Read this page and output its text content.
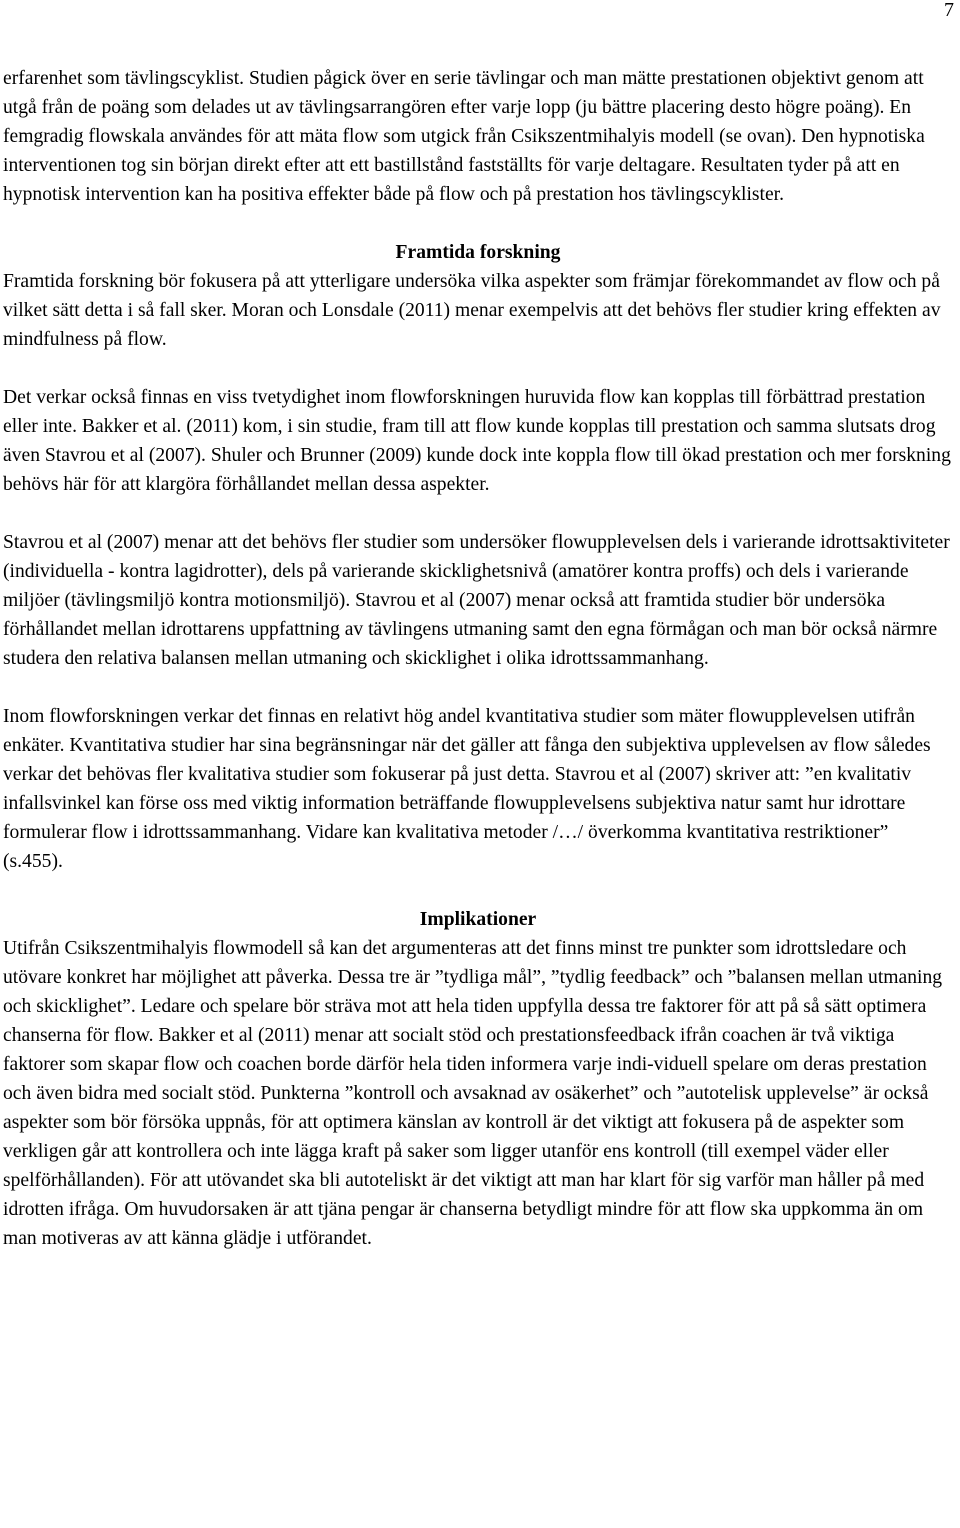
7

erfarenhet som tävlingscyklist. Studien pågick över en serie tävlingar och man mätte prestationen objektivt genom att utgå från de poäng som delades ut av tävlingsarrangören efter varje lopp (ju bättre placering desto högre poäng). En femgradig flowskala användes för att mäta flow som utgick från Csikszentmihalyis modell (se ovan). Den hypnotiska interventionen tog sin början direkt efter att ett bastillstånd fastställts för varje deltagare. Resultaten tyder på att en hypnotisk intervention kan ha positiva effekter både på flow och på prestation hos tävlingscyklister.

Framtida forskning

Framtida forskning bör fokusera på att ytterligare undersöka vilka aspekter som främjar förekommandet av flow och på vilket sätt detta i så fall sker. Moran och Lonsdale (2011) menar exempelvis att det behövs fler studier kring effekten av mindfulness på flow.

Det verkar också finnas en viss tvetydighet inom flowforskningen huruvida flow kan kopplas till förbättrad prestation eller inte. Bakker et al. (2011) kom, i sin studie, fram till att flow kunde kopplas till prestation och samma slutsats drog även Stavrou et al (2007). Shuler och Brunner (2009) kunde dock inte koppla flow till ökad prestation och mer forskning behövs här för att klargöra förhållandet mellan dessa aspekter.

Stavrou et al (2007) menar att det behövs fler studier som undersöker flowupplevelsen dels i varierande idrottsaktiviteter (individuella - kontra lagidrotter), dels på varierande skicklighetsnivå (amatörer kontra proffs) och dels i varierande miljöer (tävlingsmiljö kontra motionsmiljö). Stavrou et al (2007) menar också att framtida studier bör undersöka förhållandet mellan idrottarens uppfattning av tävlingens utmaning samt den egna förmågan och man bör också närmre studera den relativa balansen mellan utmaning och skicklighet i olika idrottssammanhang.

Inom flowforskningen verkar det finnas en relativt hög andel kvantitativa studier som mäter flowupplevelsen utifrån enkäter. Kvantitativa studier har sina begränsningar när det gäller att fånga den subjektiva upplevelsen av flow således verkar det behövas fler kvalitativa studier som fokuserar på just detta. Stavrou et al (2007) skriver att: ”en kvalitativ infallsvinkel kan förse oss med viktig information beträffande flowupplevelsens subjektiva natur samt hur idrottare formulerar flow i idrottssammanhang. Vidare kan kvalitativa metoder /…/ överkomma kvantitativa restriktioner” (s.455).

Implikationer

Utifrån Csikszentmihalyis flowmodell så kan det argumenteras att det finns minst tre punkter som idrottsledare och utövare konkret har möjlighet att påverka. Dessa tre är ”tydliga mål”, ”tydlig feedback” och ”balansen mellan utmaning och skicklighet”. Ledare och spelare bör sträva mot att hela tiden uppfylla dessa tre faktorer för att på så sätt optimera chanserna för flow. Bakker et al (2011) menar att socialt stöd och prestationsfeedback ifrån coachen är två viktiga faktorer som skapar flow och coachen borde därför hela tiden informera varje indi-viduell spelare om deras prestation och även bidra med socialt stöd. Punkterna ”kontroll och avsaknad av osäkerhet” och ”autotelisk upplevelse” är också aspekter som bör försöka uppnås, för att optimera känslan av kontroll är det viktigt att fokusera på de aspekter som verkligen går att kontrollera och inte lägga kraft på saker som ligger utanför ens kontroll (till exempel väder eller spelförhållanden). För att utövandet ska bli autoteliskt är det viktigt att man har klart för sig varför man håller på med idrotten ifråga. Om huvudorsaken är att tjäna pengar är chanserna betydligt mindre för att flow ska uppkomma än om man motiveras av att känna glädje i utförandet.
